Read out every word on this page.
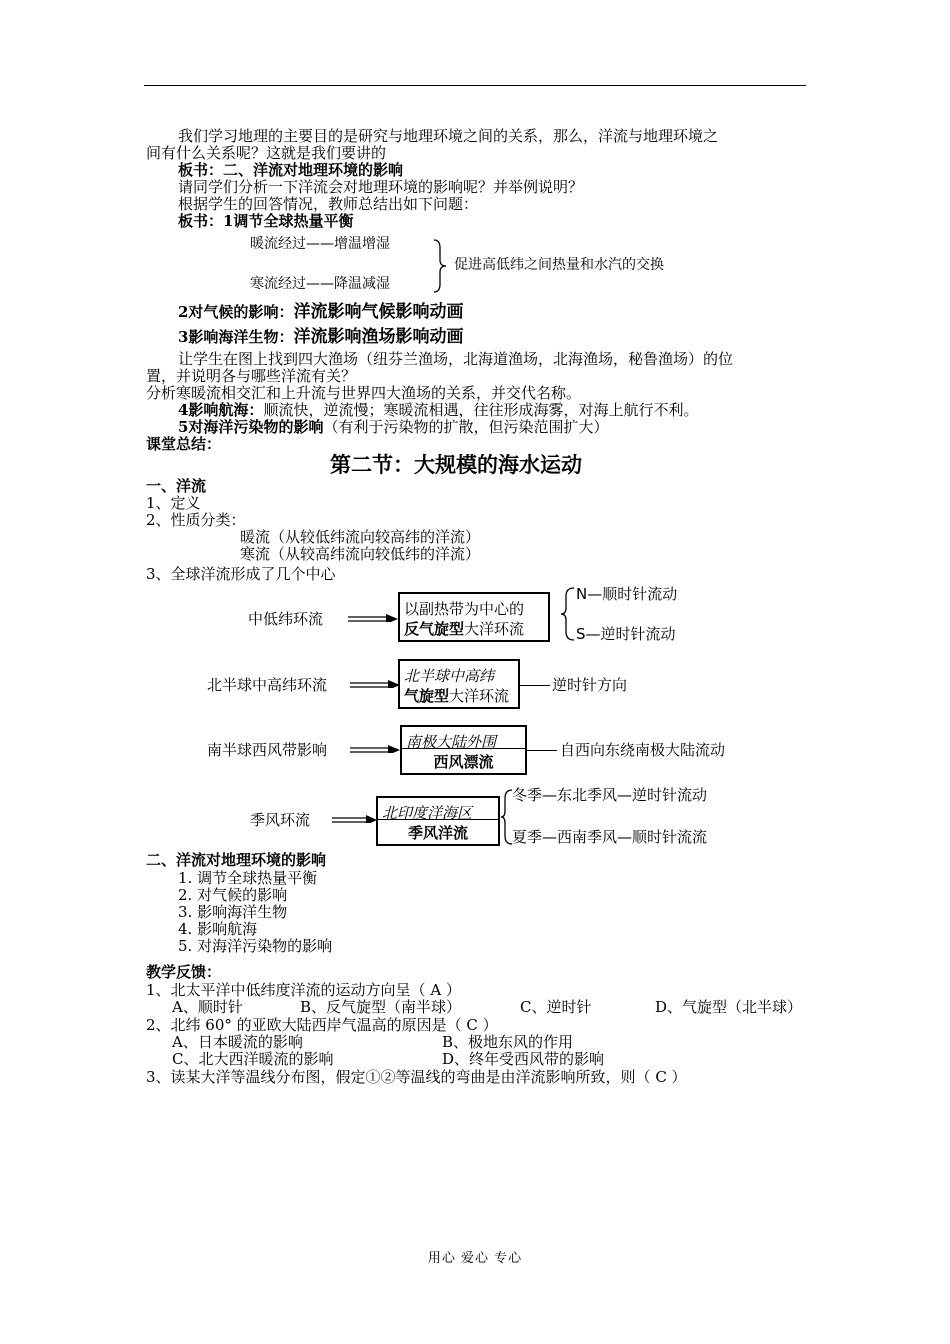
我们学习地理的主要目的是研究与地理环境之间的关系，那么，洋流与地理环境之
间有什么关系呢？这就是我们要讲的
板书：二、洋流对地理环境的影响
请同学们分析一下洋流会对地理环境的影响呢？并举例说明？
根据学生的回答情况，教师总结出如下问题：
板书：1调节全球热量平衡
暖流经过——增温增湿
寒流经过——降温减湿
促进高低纬之间热量和水汽的交换
2对气候的影响：洋流影响气候影响动画
3影响海洋生物：洋流影响渔场影响动画
让学生在图上找到四大渔场（纽芬兰渔场，北海道渔场，北海渔场，秘鲁渔场）的位
置，并说明各与哪些洋流有关？
分析寒暖流相交汇和上升流与世界四大渔场的关系，并交代名称。
4影响航海：顺流快，逆流慢；寒暖流相遇，往往形成海雾，对海上航行不利。
5对海洋污染物的影响（有利于污染物的扩散，但污染范围扩大）
课堂总结：
第二节：大规模的海水运动
一、洋流
1、定义
2、性质分类：
暖流（从较低纬流向较高纬的洋流）
寒流（从较高纬流向较低纬的洋流）
3、全球洋流形成了几个中心
中低纬环流
以副热带为中心的
反气旋型大洋环流
N—顺时针流动
S—逆时针流动
北半球中高纬环流	北半球中高纬
气旋型大洋环流
逆时针方向
南半球西风带影响	南极大陆外围
西风漂流
自西向东绕南极大陆流动
季风环流	北印度洋海区
季风洋流
冬季—东北季风—逆时针流动
夏季—西南季风—顺时针流流
二、洋流对地理环境的影响
1. 调节全球热量平衡
2. 对气候的影响
3. 影响海洋生物
4. 影响航海
5. 对海洋污染物的影响
教学反馈：
1、北太平洋中低纬度洋流的运动方向呈（ A ）
A、顺时针	B、反气旋型（南半球）	C、逆时针	D、气旋型（北半球）
2、北纬 60° 的亚欧大陆西岸气温高的原因是（ C ）
A、日本暖流的影响	B、极地东风的作用
C、北大西洋暖流的影响	D、终年受西风带的影响
3、读某大洋等温线分布图，假定①②等温线的弯曲是由洋流影响所致，则（ C ）
用心 爱心 专心
